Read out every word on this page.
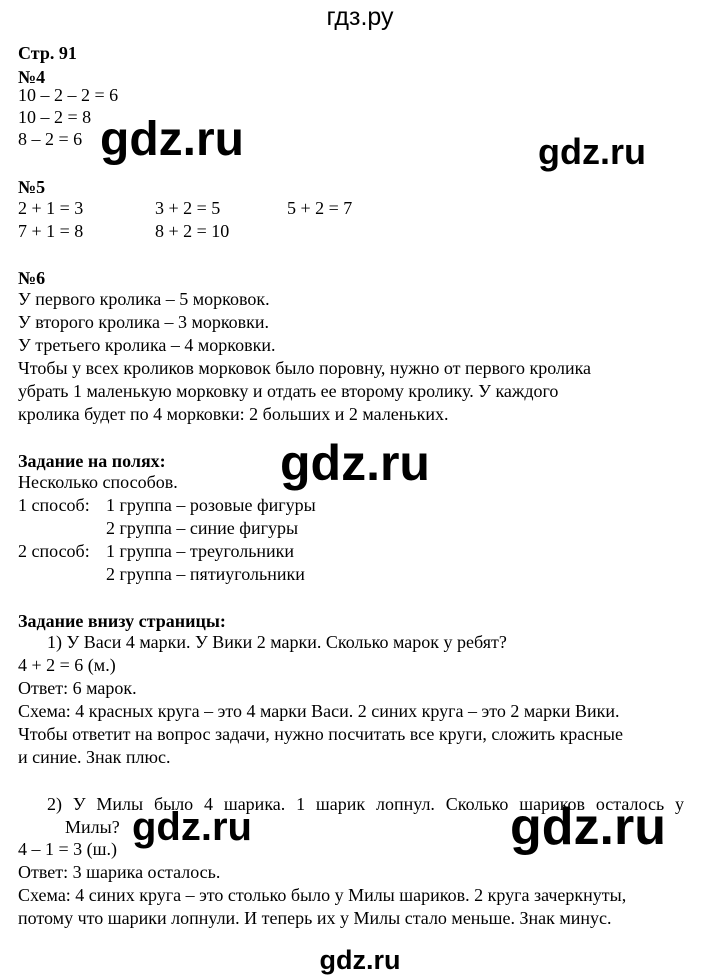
гдз.ру
Стр. 91
№4
10 – 2 – 2 = 6
10 – 2 = 8
8 – 2 = 6
№5
2 + 1 = 3	3 + 2 = 5	5 + 2 = 7
7 + 1 = 8	8 + 2 = 10
№6
У первого кролика – 5 морковок.
У второго кролика – 3 морковки.
У третьего кролика – 4 морковки.
Чтобы у всех кроликов морковок было поровну, нужно от первого кролика
убрать 1 маленькую морковку и отдать ее второму кролику. У каждого
кролика будет по 4 морковки: 2 больших и 2 маленьких.
Задание на полях:
Несколько способов.
1 способ: 1 группа – розовые фигуры
2 группа – синие фигуры
2 способ: 1 группа – треугольники
2 группа – пятиугольники
Задание внизу страницы:
1) У Васи 4 марки. У Вики 2 марки. Сколько марок у ребят?
4 + 2 = 6 (м.)
Ответ: 6 марок.
Схема: 4 красных круга – это 4 марки Васи. 2 синих круга – это 2 марки Вики.
Чтобы ответит на вопрос задачи, нужно посчитать все круги, сложить красные
и синие. Знак плюс.
2) У Милы было 4 шарика. 1 шарик лопнул. Сколько шариков осталось у
Милы?
4 – 1 = 3 (ш.)
Ответ: 3 шарика осталось.
Схема: 4 синих круга – это столько было у Милы шариков. 2 круга зачеркнуты,
потому что шарики лопнули. И теперь их у Милы стало меньше. Знак минус.
gdz.ru	gdz.ru
gdz.ru
gdz.ru	gdz.ru
gdz.ru
